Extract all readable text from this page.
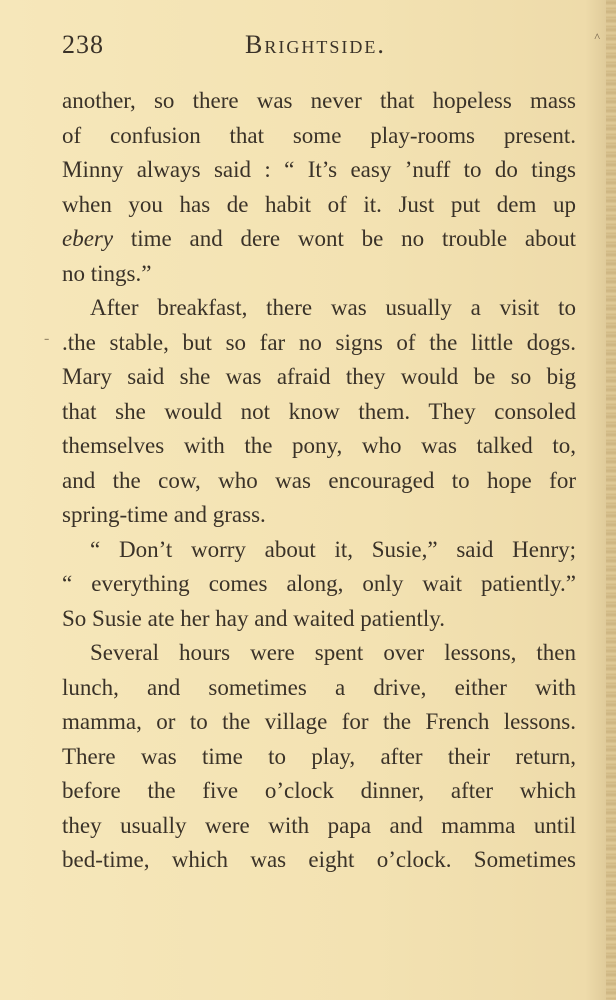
238	Brightside.	^
-
another, so there was never that hopeless mass
of confusion that some play-rooms present.
Minny always said : “ It’s easy ’nuff to do tings
when you has de habit of it. Just put dem up
ebery time and dere wont be no trouble about
no tings.”
After breakfast, there was usually a visit to
.the stable, but so far no signs of the little dogs.
Mary said she was afraid they would be so big
that she would not know them. They consoled
themselves with the pony, who was talked to,
and the cow, who was encouraged to hope for
spring-time and grass.
“ Don’t worry about it, Susie,” said Henry;
“ everything comes along, only wait patiently.”
So Susie ate her hay and waited patiently.
Several hours were spent over lessons, then
lunch, and sometimes a drive, either with
mamma, or to the village for the French lessons.
There was time to play, after their return,
before the five o’clock dinner, after which
they usually were with papa and mamma until
bed-time, which was eight o’clock. Sometimes
